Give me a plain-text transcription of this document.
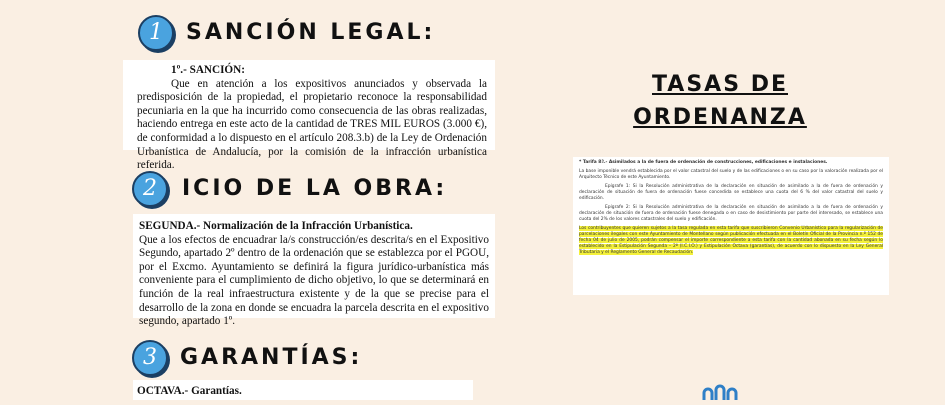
1	SANCIÓN LEGAL:

1º.- SANCIÓN:

Que en atención a los expositivos anunciados y observada la predisposición de la propiedad, el propietario reconoce la responsabilidad pecuniaria en la que ha incurrido como consecuencia de las obras realizadas, haciendo entrega en este acto de la cantidad de TRES MIL EUROS (3.000 €), de conformidad a lo dispuesto en el artículo 208.3.b) de la Ley de Ordenación Urbanística de Andalucía, por la comisión de la infracción urbanística referida.

2	ICIO DE LA OBRA:

SEGUNDA.- Normalización de la Infracción Urbanística.

Que a los efectos de encuadrar la/s construcción/es descrita/s en el Expositivo Segundo, apartado 2º dentro de la ordenación que se establezca por el PGOU, por el Excmo. Ayuntamiento se definirá la figura jurídico-urbanística más conveniente para el cumplimiento de dicho objetivo, lo que se determinará en función de la real infraestructura existente y de la que se precise para el desarrollo de la zona en donde se encuadra la parcela descrita en el expositivo segundo, apartado 1º.

3	GARANTÍAS:

OCTAVA.- Garantías.

TASAS DE
ORDENANZA

* Tarifa 8ª.- Asimilados a la de fuera de ordenación de construcciones, edificaciones e instalaciones.

La base imponible vendrá establecida por el valor catastral del suelo y de las edificaciones o en su caso por la valoración realizada por el Arquitecto Técnico de este Ayuntamiento.

Epígrafe 1: Si la Resolución administrativa de la declaración en situación de asimilado a la de fuera de ordenación y declaración de situación de fuera de ordenación fuese concedida se establece una cuota del 6 % del valor catastral del suelo y edificación.

Epígrafe 2: Si la Resolución administrativa de la declaración en situación de asimilado a la de fuera de ordenación y declaración de situación de fuera de ordenación fuese denegada o en caso de desistimiento por parte del interesado, se establece una cuota del 2% de los valores catastrales del suelo y edificación.

Los contribuyentes que quieren sujetos a la tasa regulada en esta tarifa que suscribieron Convenio Urbanístico para la regularización de parcelaciones ilegales con este Ayuntamiento de Montellano según publicación efectuada en el Boletín Oficial de la Provincia n.º 152 de fecha 04 de julio de 2005, podrán compensar el importe correspondiente a esta tarifa con la cantidad abonada en su fecha según lo establecido en la Estipulación Segunda – 2ª (I.C.I.O.) y Estipulación Octava (garantías), de acuerdo con lo dispuesto en la Ley General Tributaria y el Reglamento General de Recaudación.
